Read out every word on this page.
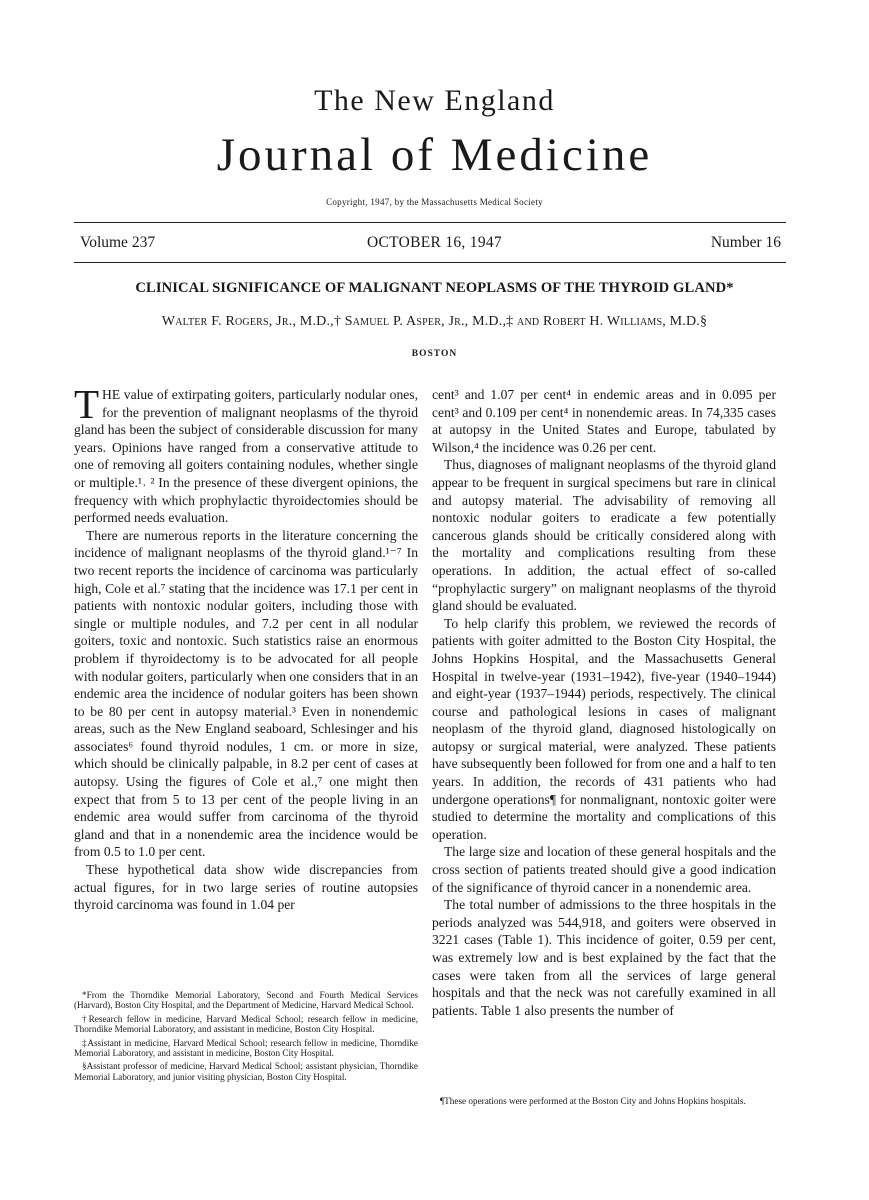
The New England
Journal of Medicine
Copyright, 1947, by the Massachusetts Medical Society
Volume 237	OCTOBER 16, 1947	Number 16
CLINICAL SIGNIFICANCE OF MALIGNANT NEOPLASMS OF THE THYROID GLAND*
Walter F. Rogers, Jr., M.D.,† Samuel P. Asper, Jr., M.D.,‡ and Robert H. Williams, M.D.§
BOSTON

THE value of extirpating goiters, particularly nodular ones, for the prevention of malignant neoplasms of the thyroid gland has been the subject of considerable discussion for many years. Opinions have ranged from a conservative attitude to one of removing all goiters containing nodules, whether single or multiple.¹˒ ² In the presence of these divergent opinions, the frequency with which prophylactic thyroidectomies should be performed needs evaluation.

There are numerous reports in the literature concerning the incidence of malignant neoplasms of the thyroid gland.¹⁻⁷ In two recent reports the incidence of carcinoma was particularly high, Cole et al.⁷ stating that the incidence was 17.1 per cent in patients with nontoxic nodular goiters, including those with single or multiple nodules, and 7.2 per cent in all nodular goiters, toxic and nontoxic. Such statistics raise an enormous problem if thyroidectomy is to be advocated for all people with nodular goiters, particularly when one considers that in an endemic area the incidence of nodular goiters has been shown to be 80 per cent in autopsy material.³ Even in nonendemic areas, such as the New England seaboard, Schlesinger and his associates⁶ found thyroid nodules, 1 cm. or more in size, which should be clinically palpable, in 8.2 per cent of cases at autopsy. Using the figures of Cole et al.,⁷ one might then expect that from 5 to 13 per cent of the people living in an endemic area would suffer from carcinoma of the thyroid gland and that in a nonendemic area the incidence would be from 0.5 to 1.0 per cent.

These hypothetical data show wide discrepancies from actual figures, for in two large series of routine autopsies thyroid carcinoma was found in 1.04 per

*From the Thorndike Memorial Laboratory, Second and Fourth Medical Services (Harvard), Boston City Hospital, and the Department of Medicine, Harvard Medical School.

†Research fellow in medicine, Harvard Medical School; research fellow in medicine, Thorndike Memorial Laboratory, and assistant in medicine, Boston City Hospital.

‡Assistant in medicine, Harvard Medical School; research fellow in medicine, Thorndike Memorial Laboratory, and assistant in medicine, Boston City Hospital.

§Assistant professor of medicine, Harvard Medical School; assistant physician, Thorndike Memorial Laboratory, and junior visiting physician, Boston City Hospital.

cent³ and 1.07 per cent⁴ in endemic areas and in 0.095 per cent³ and 0.109 per cent⁴ in nonendemic areas. In 74,335 cases at autopsy in the United States and Europe, tabulated by Wilson,⁴ the incidence was 0.26 per cent.

Thus, diagnoses of malignant neoplasms of the thyroid gland appear to be frequent in surgical specimens but rare in clinical and autopsy material. The advisability of removing all nontoxic nodular goiters to eradicate a few potentially cancerous glands should be critically considered along with the mortality and complications resulting from these operations. In addition, the actual effect of so-called “prophylactic surgery” on malignant neoplasms of the thyroid gland should be evaluated.

To help clarify this problem, we reviewed the records of patients with goiter admitted to the Boston City Hospital, the Johns Hopkins Hospital, and the Massachusetts General Hospital in twelve-year (1931–1942), five-year (1940–1944) and eight-year (1937–1944) periods, respectively. The clinical course and pathological lesions in cases of malignant neoplasm of the thyroid gland, diagnosed histologically on autopsy or surgical material, were analyzed. These patients have subsequently been followed for from one and a half to ten years. In addition, the records of 431 patients who had undergone operations¶ for nonmalignant, nontoxic goiter were studied to determine the mortality and complications of this operation.

The large size and location of these general hospitals and the cross section of patients treated should give a good indication of the significance of thyroid cancer in a nonendemic area.

The total number of admissions to the three hospitals in the periods analyzed was 544,918, and goiters were observed in 3221 cases (Table 1). This incidence of goiter, 0.59 per cent, was extremely low and is best explained by the fact that the cases were taken from all the services of large general hospitals and that the neck was not carefully examined in all patients. Table 1 also presents the number of

¶These operations were performed at the Boston City and Johns Hopkins hospitals.
